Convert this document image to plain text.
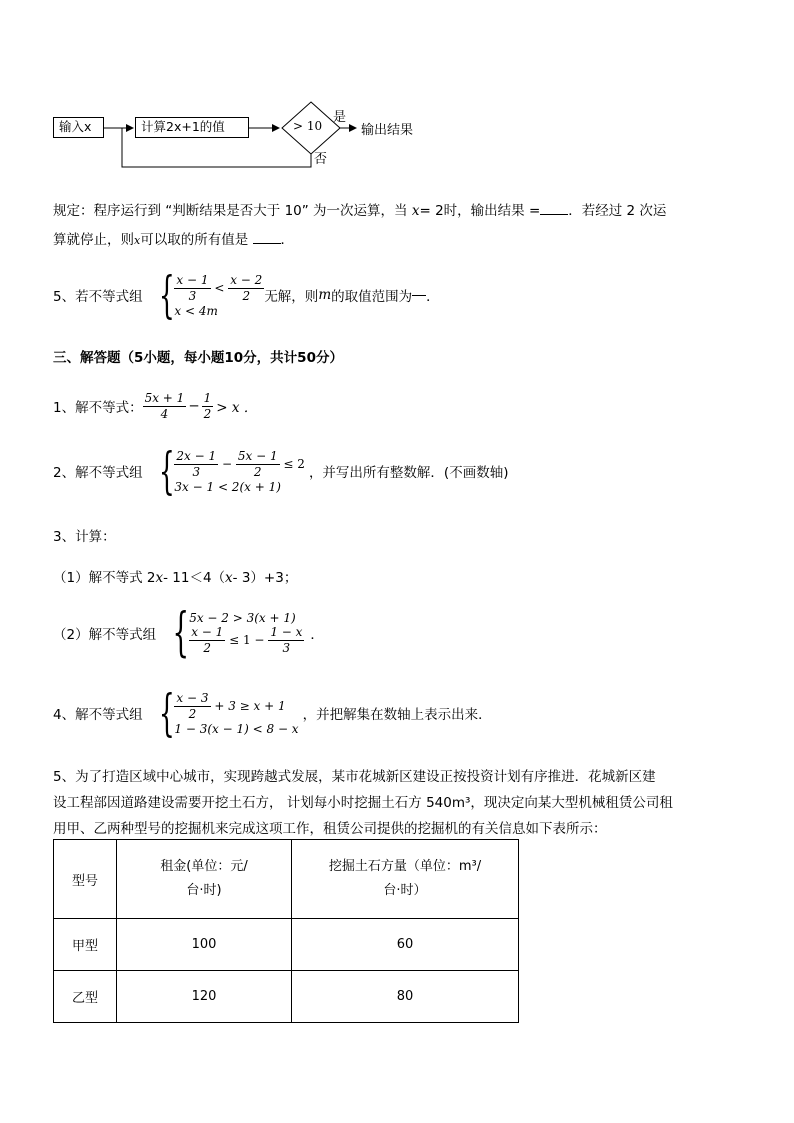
输入x	计算2x+1的值	> 10
是
否
输出结果
规定：程序运行到 “判断结果是否大于 10” 为一次运算，当 x= 2时，输出结果 = ．若经过 2 次运
算就停止，则x可以取的所有值是 ．
5、若不等式组 { $\frac{x - 1}{3} < \frac{x - 2}{2}$
x < 4m
无解，则 m 的取值范围为 ．
三、解答题（5小题，每小题10分，共计50分）
1、解不等式： $\frac{5x + 1}{4} - \frac{1}{2} > x$ ．
2、解不等式组 { $\frac{2x - 1}{3} - \frac{5x - 1}{2} \le 2$
3x − 1 < 2(x + 1)
，并写出所有整数解．(不画数轴)
3、计算：
（1）解不等式 2x- 11＜4（x- 3）+3；
（2）解不等式组 { 5x − 2 > 3(x + 1)
$\frac{x - 1}{2} \le 1 - \frac{1 - x}{3}$ ．
4、解不等式组 { $\frac{x - 3}{2} + 3 \ge x + 1$
1 − 3(x − 1) < 8 − x
，并把解集在数轴上表示出来．
5、为了打造区域中心城市，实现跨越式发展，某市花城新区建设正按投资计划有序推进．花城新区建
设工程部因道路建设需要开挖土石方， 计划每小时挖掘土石方 540m³，现决定向某大型机械租赁公司租
用甲、乙两种型号的挖掘机来完成这项工作，租赁公司提供的挖掘机的有关信息如下表所示：
型号	租金(单位：元/
台·时)	挖掘土石方量（单位：m³/
台·时）
甲型	100	60
乙型	120	80
